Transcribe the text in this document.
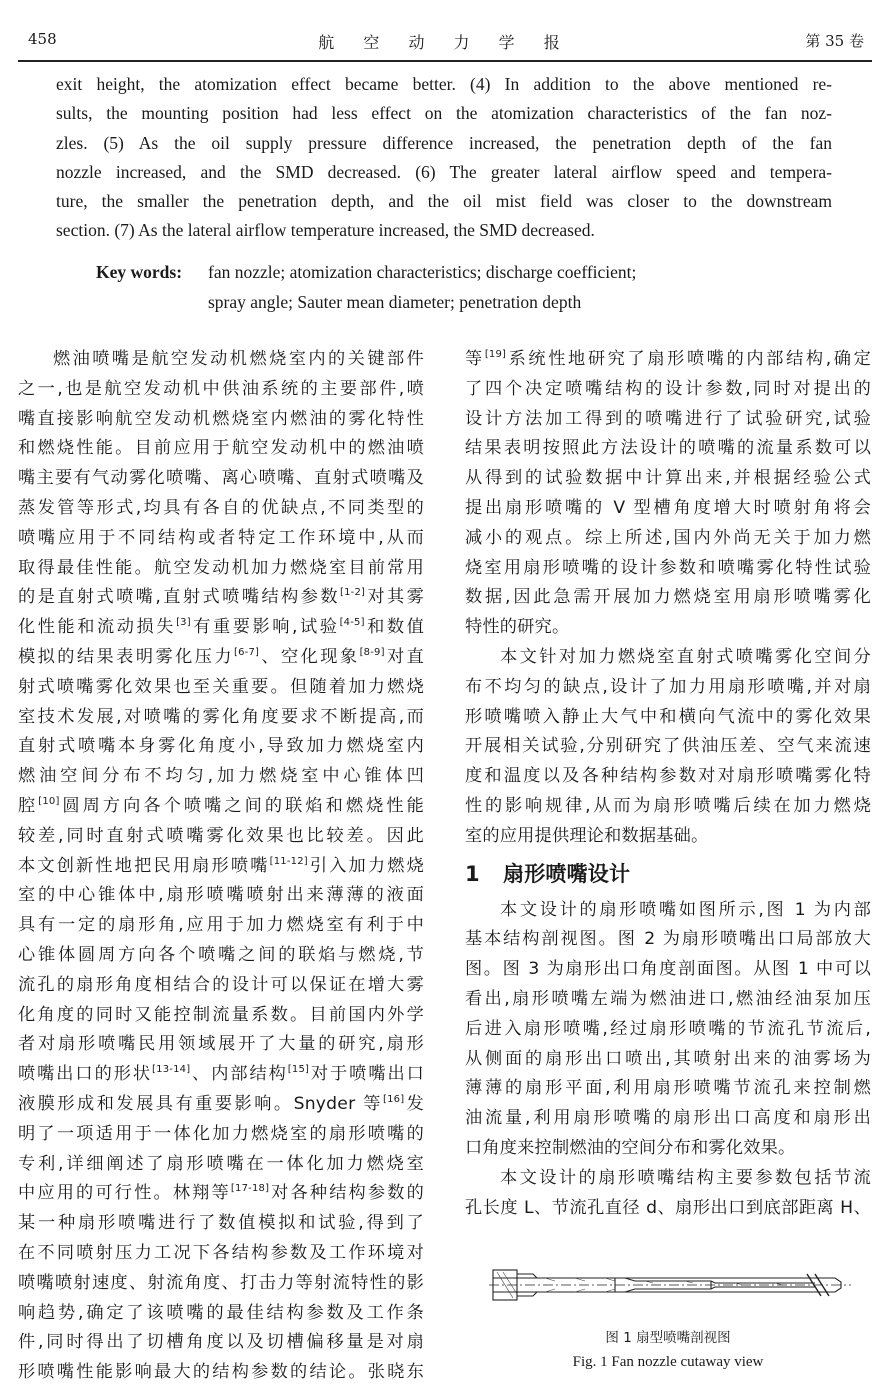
458	航 空 动 力 学 报	第 35 卷
exit height, the atomization effect became better. (4) In addition to the above mentioned re-
sults, the mounting position had less effect on the atomization characteristics of the fan noz-
zles. (5) As the oil supply pressure difference increased, the penetration depth of the fan
nozzle increased, and the SMD decreased. (6) The greater lateral airflow speed and tempera-
ture, the smaller the penetration depth, and the oil mist field was closer to the downstream
section. (7) As the lateral airflow temperature increased, the SMD decreased.
Key words: fan nozzle; atomization characteristics; discharge coefficient;
spray angle; Sauter mean diameter; penetration depth
燃油喷嘴是航空发动机燃烧室内的关键部件
之一,也是航空发动机中供油系统的主要部件,喷
嘴直接影响航空发动机燃烧室内燃油的雾化特性
和燃烧性能。目前应用于航空发动机中的燃油喷
嘴主要有气动雾化喷嘴、离心喷嘴、直射式喷嘴及
蒸发管等形式,均具有各自的优缺点,不同类型的
喷嘴应用于不同结构或者特定工作环境中,从而
取得最佳性能。航空发动机加力燃烧室目前常用
的是直射式喷嘴,直射式喷嘴结构参数[1-2]对其雾
化性能和流动损失[3]有重要影响,试验[4-5]和数值
模拟的结果表明雾化压力[6-7]、空化现象[8-9]对直
射式喷嘴雾化效果也至关重要。但随着加力燃烧
室技术发展,对喷嘴的雾化角度要求不断提高,而
直射式喷嘴本身雾化角度小,导致加力燃烧室内
燃油空间分布不均匀,加力燃烧室中心锥体凹
腔[10]圆周方向各个喷嘴之间的联焰和燃烧性能
较差,同时直射式喷嘴雾化效果也比较差。因此
本文创新性地把民用扇形喷嘴[11-12]引入加力燃烧
室的中心锥体中,扇形喷嘴喷射出来薄薄的液面
具有一定的扇形角,应用于加力燃烧室有利于中
心锥体圆周方向各个喷嘴之间的联焰与燃烧,节
流孔的扇形角度相结合的设计可以保证在增大雾
化角度的同时又能控制流量系数。目前国内外学
者对扇形喷嘴民用领域展开了大量的研究,扇形
喷嘴出口的形状[13-14]、内部结构[15]对于喷嘴出口
液膜形成和发展具有重要影响。Snyder 等[16]发
明了一项适用于一体化加力燃烧室的扇形喷嘴的
专利,详细阐述了扇形喷嘴在一体化加力燃烧室
中应用的可行性。林翔等[17-18]对各种结构参数的
某一种扇形喷嘴进行了数值模拟和试验,得到了
在不同喷射压力工况下各结构参数及工作环境对
喷嘴喷射速度、射流角度、打击力等射流特性的影
响趋势,确定了该喷嘴的最佳结构参数及工作条
件,同时得出了切槽角度以及切槽偏移量是对扇
形喷嘴性能影响最大的结构参数的结论。张晓东
等[19]系统性地研究了扇形喷嘴的内部结构,确定
了四个决定喷嘴结构的设计参数,同时对提出的
设计方法加工得到的喷嘴进行了试验研究,试验
结果表明按照此方法设计的喷嘴的流量系数可以
从得到的试验数据中计算出来,并根据经验公式
提出扇形喷嘴的 V 型槽角度增大时喷射角将会
减小的观点。综上所述,国内外尚无关于加力燃
烧室用扇形喷嘴的设计参数和喷嘴雾化特性试验
数据,因此急需开展加力燃烧室用扇形喷嘴雾化
特性的研究。
本文针对加力燃烧室直射式喷嘴雾化空间分
布不均匀的缺点,设计了加力用扇形喷嘴,并对扇
形喷嘴喷入静止大气中和横向气流中的雾化效果
开展相关试验,分别研究了供油压差、空气来流速
度和温度以及各种结构参数对对扇形喷嘴雾化特
性的影响规律,从而为扇形喷嘴后续在加力燃烧
室的应用提供理论和数据基础。
1 扇形喷嘴设计
本文设计的扇形喷嘴如图所示,图 1 为内部
基本结构剖视图。图 2 为扇形喷嘴出口局部放大
图。图 3 为扇形出口角度剖面图。从图 1 中可以
看出,扇形喷嘴左端为燃油进口,燃油经油泵加压
后进入扇形喷嘴,经过扇形喷嘴的节流孔节流后,
从侧面的扇形出口喷出,其喷射出来的油雾场为
薄薄的扇形平面,利用扇形喷嘴节流孔来控制燃
油流量,利用扇形喷嘴的扇形出口高度和扇形出
口角度来控制燃油的空间分布和雾化效果。
本文设计的扇形喷嘴结构主要参数包括节流
孔长度 L、节流孔直径 d、扇形出口到底部距离 H、
图 1 扇型喷嘴剖视图
Fig. 1 Fan nozzle cutaway view
